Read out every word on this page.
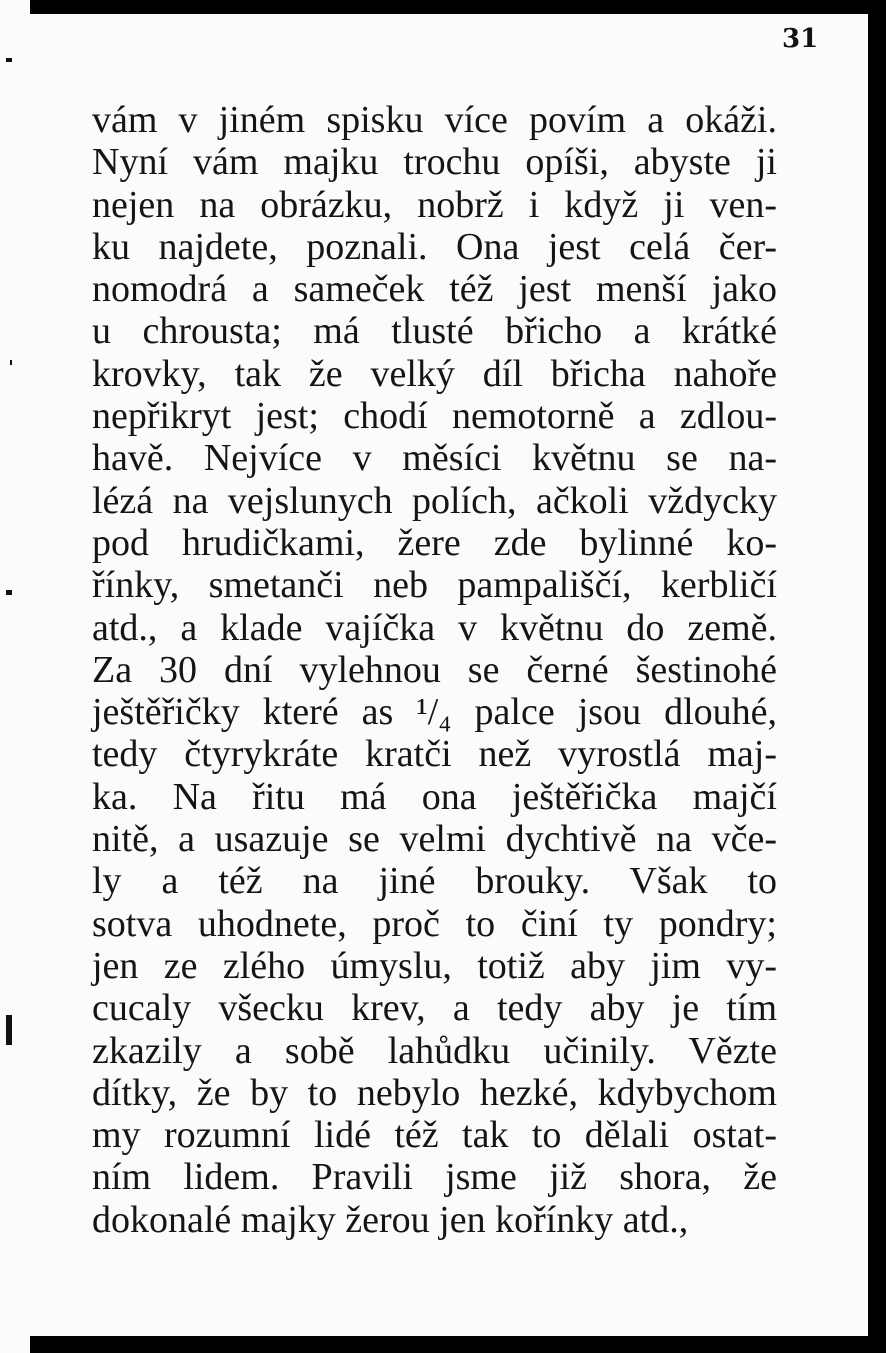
31
vám v jiném spisku více povím a okáži.
Nyní vám majku trochu opíši, abyste ji
nejen na obrázku, nobrž i když ji ven-
ku najdete, poznali. Ona jest celá čer-
nomodrá a sameček též jest menší jako
u chrousta; má tlusté břicho a krátké
krovky, tak že velký díl břicha nahoře
nepřikryt jest; chodí nemotorně a zdlou-
havě. Nejvíce v měsíci květnu se na-
lézá na vejslunych polích, ačkoli vždycky
pod hrudičkami, žere zde bylinné ko-
řínky, smetanči neb pampališčí, kerbličí
atd., a klade vajíčka v květnu do země.
Za 30 dní vylehnou se černé šestinohé
ještěřičky které as ¹/₄ palce jsou dlouhé,
tedy čtyrykráte kratči než vyrostlá maj-
ka. Na řitu má ona ještěřička majčí
nitě, a usazuje se velmi dychtivě na vče-
ly a též na jiné brouky. Však to
sotva uhodnete, proč to činí ty pondry;
jen ze zlého úmyslu, totiž aby jim vy-
cucaly všecku krev, a tedy aby je tím
zkazily a sobě lahůdku učinily. Vězte
dítky, že by to nebylo hezké, kdybychom
my rozumní lidé též tak to dělali ostat-
ním lidem. Pravili jsme již shora, že
dokonalé majky žerou jen kořínky atd.,
